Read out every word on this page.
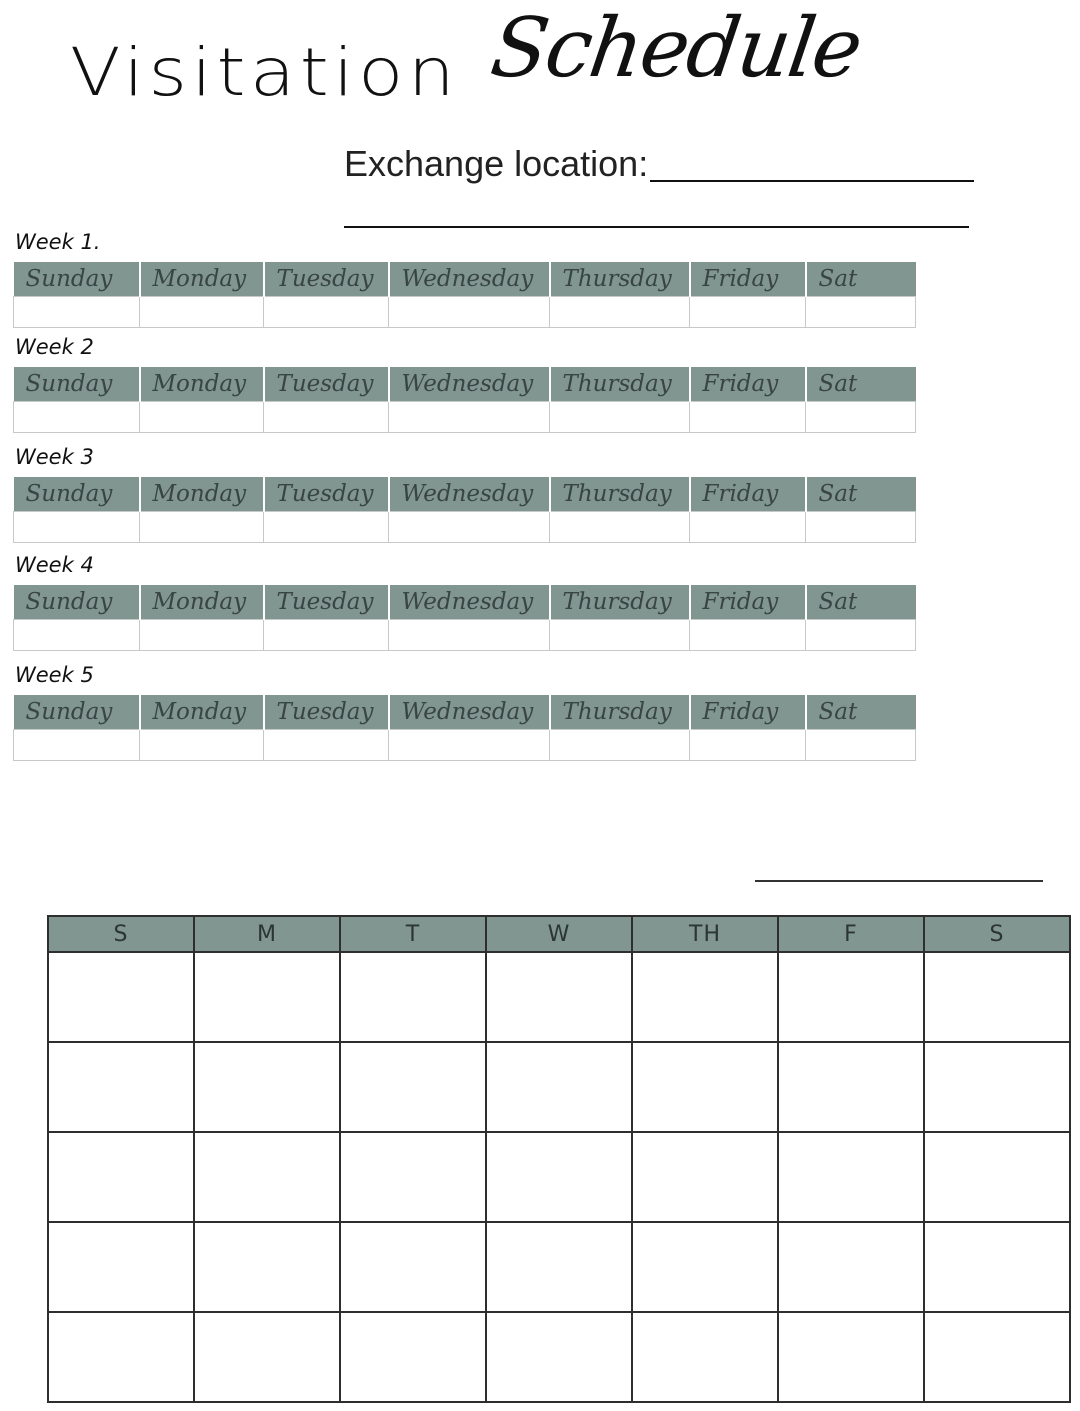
Visitation Schedule
Exchange location:
Week 1.
Sunday	Monday	Tuesday	Wednesday	Thursday	Friday	Sat

Week 2
Sunday	Monday	Tuesday	Wednesday	Thursday	Friday	Sat

Week 3
Sunday	Monday	Tuesday	Wednesday	Thursday	Friday	Sat

Week 4
Sunday	Monday	Tuesday	Wednesday	Thursday	Friday	Sat

Week 5
Sunday	Monday	Tuesday	Wednesday	Thursday	Friday	Sat

S	M	T	W	TH	F	S
